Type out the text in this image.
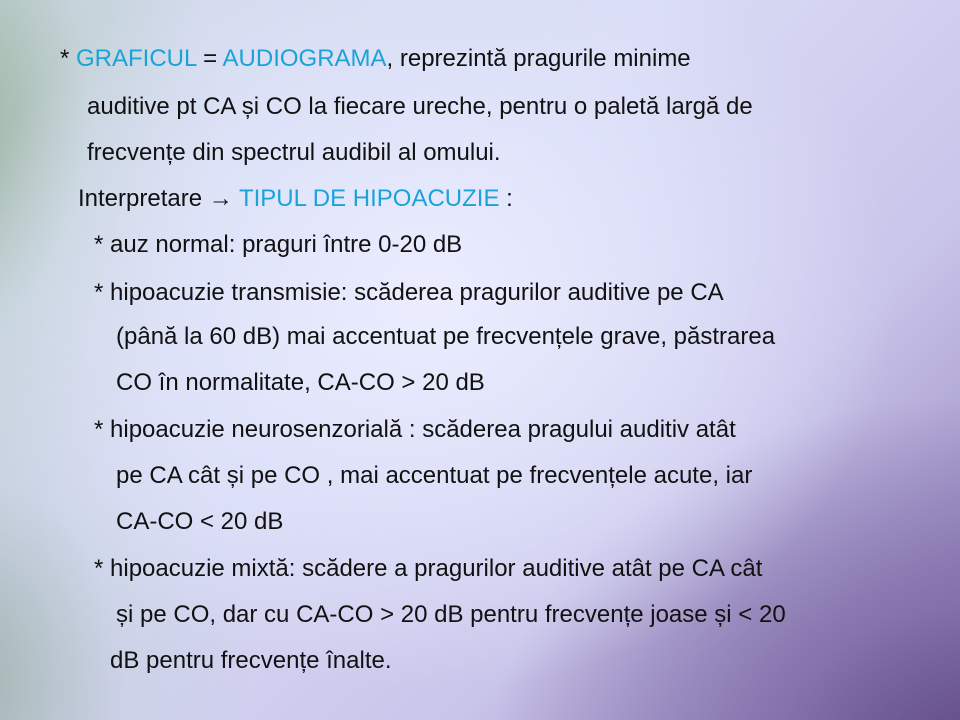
* GRAFICUL = AUDIOGRAMA, reprezintă pragurile minime
auditive pt CA și CO la fiecare ureche, pentru o paletă largă de
frecvențe din spectrul audibil al omului.
Interpretare → TIPUL DE HIPOACUZIE :
* auz normal: praguri între 0-20 dB
* hipoacuzie transmisie: scăderea pragurilor auditive pe CA
(până la 60 dB) mai accentuat pe frecvențele grave, păstrarea
CO în normalitate, CA-CO > 20 dB
* hipoacuzie neurosenzorială : scăderea pragului auditiv atât
pe CA cât și pe CO , mai accentuat pe frecvențele acute, iar
CA-CO < 20 dB
* hipoacuzie mixtă: scădere a pragurilor auditive atât pe CA cât
și pe CO, dar cu CA-CO > 20 dB pentru frecvențe joase și < 20
dB pentru frecvențe înalte.
